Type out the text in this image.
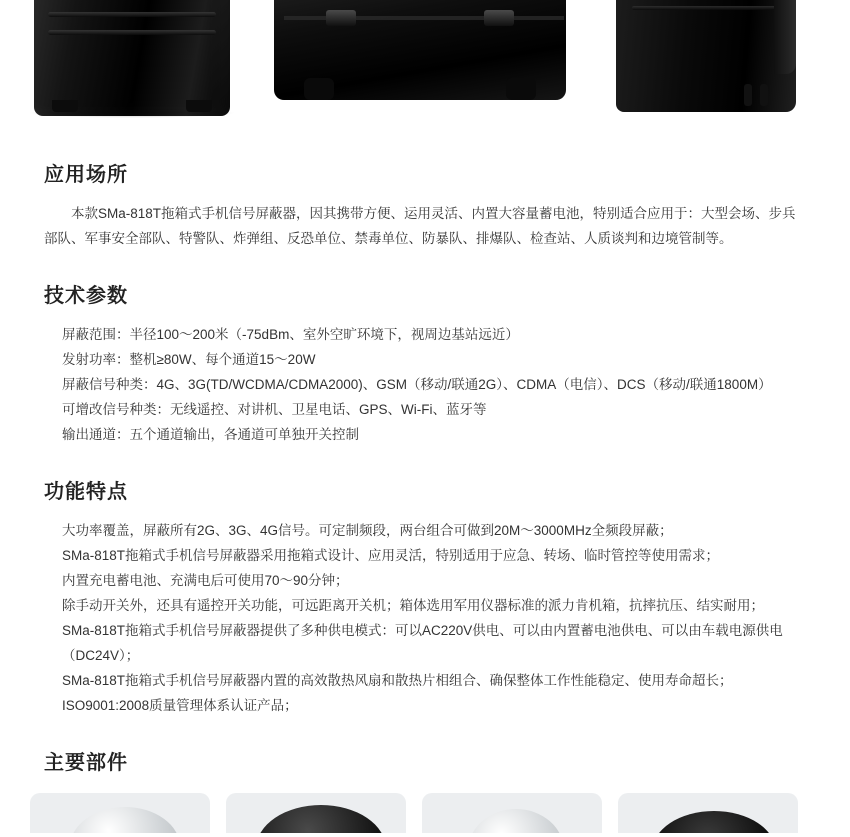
应用场所

本款SMa-818T拖箱式手机信号屏蔽器，因其携带方便、运用灵活、内置大容量蓄电池，特别适合应用于：大型会场、步兵部队、军事安全部队、特警队、炸弹组、反恐单位、禁毒单位、防暴队、排爆队、检查站、人质谈判和边境管制等。

技术参数
屏蔽范围：半径100～200米（-75dBm、室外空旷环境下，视周边基站远近）
发射功率：整机≥80W、每个通道15～20W
屏蔽信号种类：4G、3G(TD/WCDMA/CDMA2000)、GSM（移动/联通2G）、CDMA（电信）、DCS（移动/联通1800M）
可增改信号种类：无线遥控、对讲机、卫星电话、GPS、Wi-Fi、蓝牙等
输出通道：五个通道输出，各通道可单独开关控制
功能特点
大功率覆盖，屏蔽所有2G、3G、4G信号。可定制频段，两台组合可做到20M～3000MHz全频段屏蔽；
SMa-818T拖箱式手机信号屏蔽器采用拖箱式设计、应用灵活，特别适用于应急、转场、临时管控等使用需求；
内置充电蓄电池、充满电后可使用70～90分钟；
除手动开关外，还具有遥控开关功能，可远距离开关机；箱体选用军用仪器标准的派力肯机箱，抗摔抗压、结实耐用；
SMa-818T拖箱式手机信号屏蔽器提供了多种供电模式：可以AC220V供电、可以由内置蓄电池供电、可以由车载电源供电（DC24V）；
SMa-818T拖箱式手机信号屏蔽器内置的高效散热风扇和散热片相组合、确保整体工作性能稳定、使用寿命超长；
ISO9001:2008质量管理体系认证产品；
主要部件
